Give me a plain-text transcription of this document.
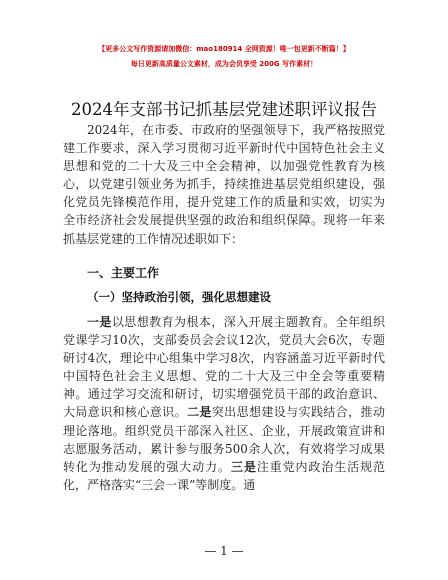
【更多公文写作资源请加微信：mao180914 全网资源！唯一包更新不断篇！】
每日更新高质量公文素材，成为会员享受 200G 写作素材！
2024年支部书记抓基层党建述职评议报告

2024年，在市委、市政府的坚强领导下，我严格按照党建工作要求，深入学习贯彻习近平新时代中国特色社会主义思想和党的二十大及三中全会精神，以加强党性教育为核心，以党建引领业务为抓手，持续推进基层党组织建设，强化党员先锋模范作用，提升党建工作的质量和实效，切实为全市经济社会发展提供坚强的政治和组织保障。现将一年来抓基层党建的工作情况述职如下：

一、主要工作
（一）坚持政治引领，强化思想建设

一是以思想教育为根本，深入开展主题教育。全年组织党课学习10次，支部委员会会议12次，党员大会6次，专题研讨4次，理论中心组集中学习8次，内容涵盖习近平新时代中国特色社会主义思想、党的二十大及三中全会等重要精神。通过学习交流和研讨，切实增强党员干部的政治意识、大局意识和核心意识。二是突出思想建设与实践结合，推动理论落地。组织党员干部深入社区、企业，开展政策宣讲和志愿服务活动，累计参与服务500余人次，有效将学习成果转化为推动发展的强大动力。三是注重党内政治生活规范化，严格落实“三会一课”等制度。通

— 1 —
